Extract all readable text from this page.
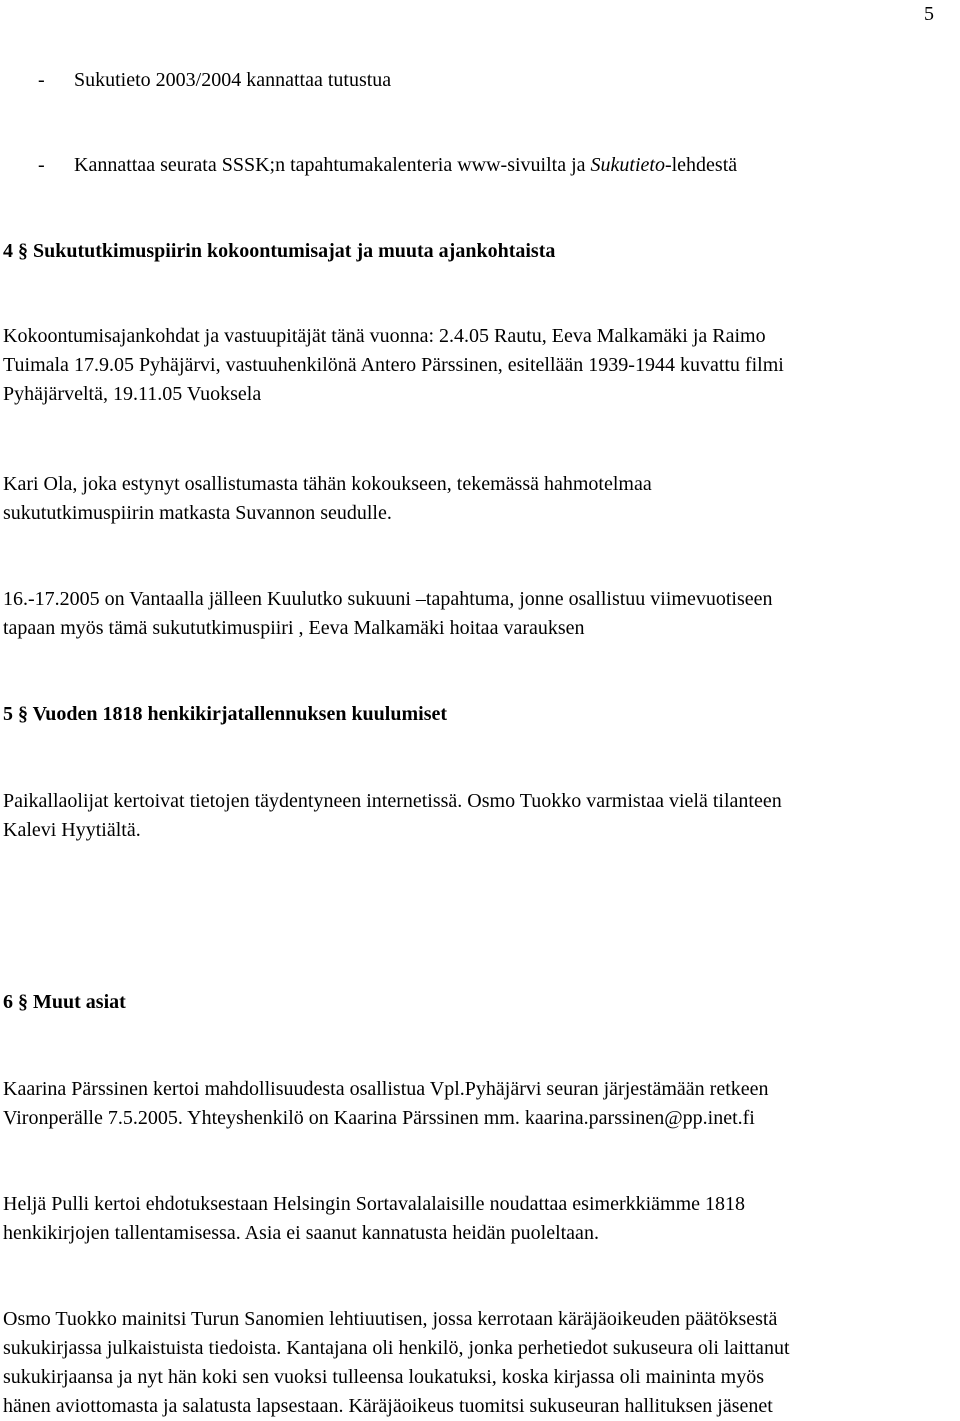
5
- Sukutieto 2003/2004 kannattaa tutustua
- Kannattaa seurata SSSK;n tapahtumakalenteria www-sivuilta ja Sukutieto-lehdestä
4 § Sukututkimuspiirin kokoontumisajat ja muuta ajankohtaista
Kokoontumisajankohdat ja vastuupitäjät tänä vuonna: 2.4.05 Rautu, Eeva Malkamäki ja Raimo
Tuimala 17.9.05 Pyhäjärvi, vastuuhenkilönä Antero Pärssinen, esitellään 1939-1944 kuvattu filmi
Pyhäjärveltä, 19.11.05 Vuoksela
Kari Ola, joka estynyt osallistumasta tähän kokoukseen, tekemässä hahmotelmaa
sukututkimuspiirin matkasta Suvannon seudulle.
16.-17.2005 on Vantaalla jälleen Kuulutko sukuuni –tapahtuma, jonne osallistuu viimevuotiseen
tapaan myös tämä sukututkimuspiiri , Eeva Malkamäki hoitaa varauksen
5 § Vuoden 1818 henkikirjatallennuksen kuulumiset
Paikallaolijat kertoivat tietojen täydentyneen internetissä. Osmo Tuokko varmistaa vielä tilanteen
Kalevi Hyytiältä.
6 § Muut asiat
Kaarina Pärssinen kertoi mahdollisuudesta osallistua Vpl.Pyhäjärvi seuran järjestämään retkeen
Vironperälle 7.5.2005. Yhteyshenkilö on Kaarina Pärssinen mm. kaarina.parssinen@pp.inet.fi
Heljä Pulli kertoi ehdotuksestaan Helsingin Sortavalalaisille noudattaa esimerkkiämme 1818
henkikirjojen tallentamisessa. Asia ei saanut kannatusta heidän puoleltaan.
Osmo Tuokko mainitsi Turun Sanomien lehtiuutisen, jossa kerrotaan käräjäoikeuden päätöksestä
sukukirjassa julkaistuista tiedoista. Kantajana oli henkilö, jonka perhetiedot sukuseura oli laittanut
sukukirjaansa ja nyt hän koki sen vuoksi tulleensa loukatuksi, koska kirjassa oli maininta myös
hänen aviottomasta ja salatusta lapsestaan. Käräjäoikeus tuomitsi sukuseuran hallituksen jäsenet
